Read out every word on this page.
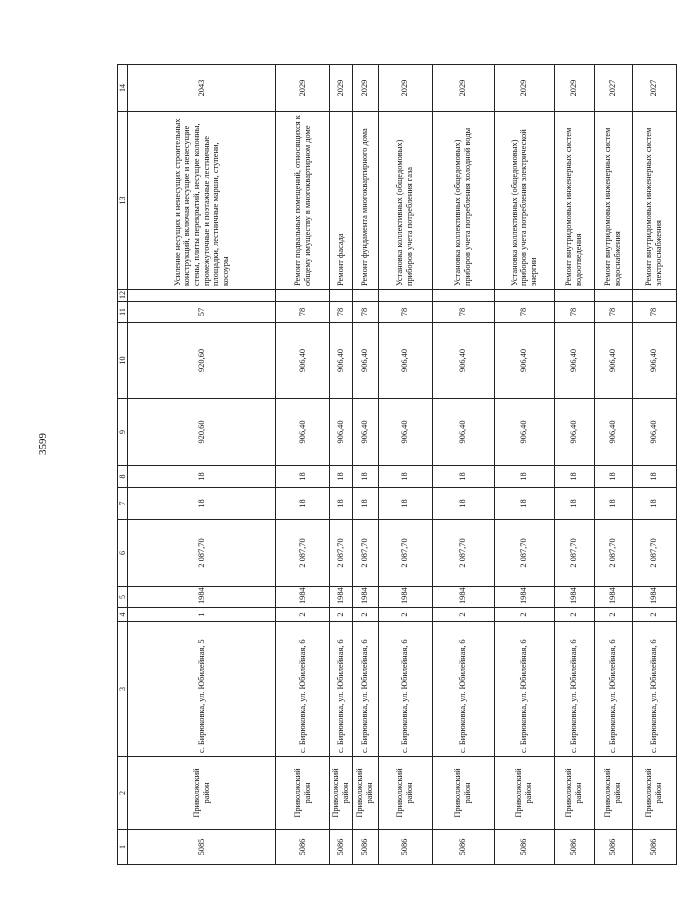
3599
1	2	3	4	5	6	7	8	9	10	11	12	13	14
5085	Приволжский район	с. Бирюковка, ул. Юбилейная, 5	1	1984	2 087,70	18	18	920,60	920,60	57		Усиление несущих и ненесущих строительных конструкций, включая несущие и ненесущие стены, плиты перекрытий, несущие колонны, промежуточные и поэтажные лестничные площадки, лестничные марши, ступени, косоуры	2043
5086	Приволжский район	с. Бирюковка, ул. Юбилейная, 6	2	1984	2 087,70	18	18	906,40	906,40	78		Ремонт подвальных помещений, относящихся к общему имуществу в многоквартирном доме	2029
5086	Приволжский район	с. Бирюковка, ул. Юбилейная, 6	2	1984	2 087,70	18	18	906,40	906,40	78		Ремонт фасада	2029
5086	Приволжский район	с. Бирюковка, ул. Юбилейная, 6	2	1984	2 087,70	18	18	906,40	906,40	78		Ремонт фундамента многоквартирного дома	2029
5086	Приволжский район	с. Бирюковка, ул. Юбилейная, 6	2	1984	2 087,70	18	18	906,40	906,40	78		Установка коллективных (общедомовых) приборов учета потребления газа	2029
5086	Приволжский район	с. Бирюковка, ул. Юбилейная, 6	2	1984	2 087,70	18	18	906,40	906,40	78		Установка коллективных (общедомовых) приборов учета потребления холодной воды	2029
5086	Приволжский район	с. Бирюковка, ул. Юбилейная, 6	2	1984	2 087,70	18	18	906,40	906,40	78		Установка коллективных (общедомовых) приборов учета потребления электрической энергии	2029
5086	Приволжский район	с. Бирюковка, ул. Юбилейная, 6	2	1984	2 087,70	18	18	906,40	906,40	78		Ремонт внутридомовых инженерных систем водоотведения	2029
5086	Приволжский район	с. Бирюковка, ул. Юбилейная, 6	2	1984	2 087,70	18	18	906,40	906,40	78		Ремонт внутридомовых инженерных систем водоснабжения	2027
5086	Приволжский район	с. Бирюковка, ул. Юбилейная, 6	2	1984	2 087,70	18	18	906,40	906,40	78		Ремонт внутридомовых инженерных систем электроснабжения	2027
